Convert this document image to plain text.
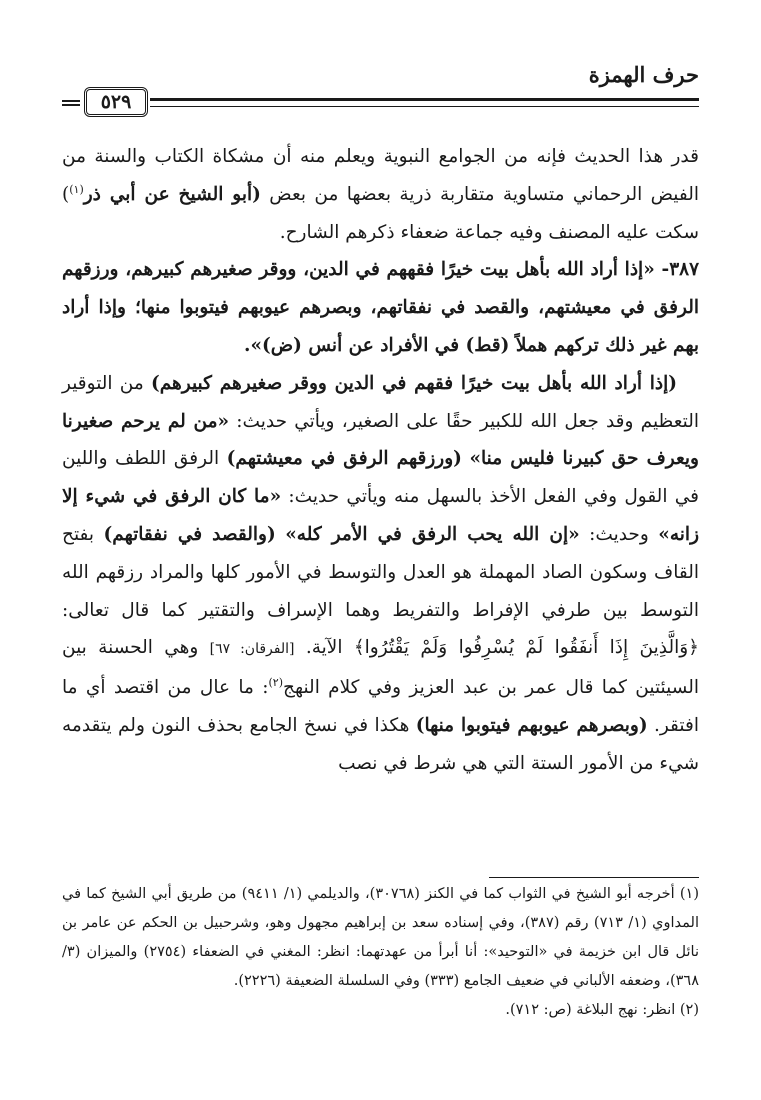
حرف الهمزة
٥٢٩

قدر هذا الحديث فإنه من الجوامع النبوية ويعلم منه أن مشكاة الكتاب والسنة من الفيض الرحماني متساوية متقاربة ذرية بعضها من بعض (أبو الشيخ عن أبي ذر$^{(١)}$) سكت عليه المصنف وفيه جماعة ضعفاء ذكرهم الشارح.

٣٨٧- «إذا أراد الله بأهل بيت خيرًا فقههم في الدين، ووقر صغيرهم كبيرهم، ورزقهم الرفق في معيشتهم، والقصد في نفقاتهم، وبصرهم عيوبهم فيتوبوا منها؛ وإذا أراد بهم غير ذلك تركهم هملاً (قط) في الأفراد عن أنس (ض)».

(إذا أراد الله بأهل بيت خيرًا فقهم في الدين ووقر صغيرهم كبيرهم) من التوقير التعظيم وقد جعل الله للكبير حقًا على الصغير، ويأتي حديث: «من لم يرحم صغيرنا ويعرف حق كبيرنا فليس منا» (ورزقهم الرفق في معيشتهم) الرفق اللطف واللين في القول وفي الفعل الأخذ بالسهل منه ويأتي حديث: «ما كان الرفق في شيء إلا زانه» وحديث: «إن الله يحب الرفق في الأمر كله» (والقصد في نفقاتهم) بفتح القاف وسكون الصاد المهملة هو العدل والتوسط في الأمور كلها والمراد رزقهم الله التوسط بين طرفي الإفراط والتفريط وهما الإسراف والتقتير كما قال تعالى: ﴿وَالَّذِينَ إِذَا أَنفَقُوا لَمْ يُسْرِفُوا وَلَمْ يَقْتُرُوا﴾ الآية. [الفرقان: ٦٧] وهي الحسنة بين السيئتين كما قال عمر بن عبد العزيز وفي كلام النهج$^{(٢)}$: ما عال من اقتصد أي ما افتقر. (وبصرهم عيوبهم فيتوبوا منها) هكذا في نسخ الجامع بحذف النون ولم يتقدمه شيء من الأمور الستة التي هي شرط في نصب

(١) أخرجه أبو الشيخ في الثواب كما في الكنز (٣٠٧٦٨)، والديلمي (١/ ٩٤١١) من طريق أبي الشيخ كما في المداوي (١/ ٧١٣) رقم (٣٨٧)، وفي إسناده سعد بن إبراهيم مجهول وهو، وشرحبيل بن الحكم عن عامر بن نائل قال ابن خزيمة في «التوحيد»: أنا أبرأ من عهدتهما: انظر: المغني في الضعفاء (٢٧٥٤) والميزان (٣/ ٣٦٨)، وضعفه الألباني في ضعيف الجامع (٣٣٣) وفي السلسلة الضعيفة (٢٢٢٦).

(٢) انظر: نهج البلاغة (ص: ٧١٢).
